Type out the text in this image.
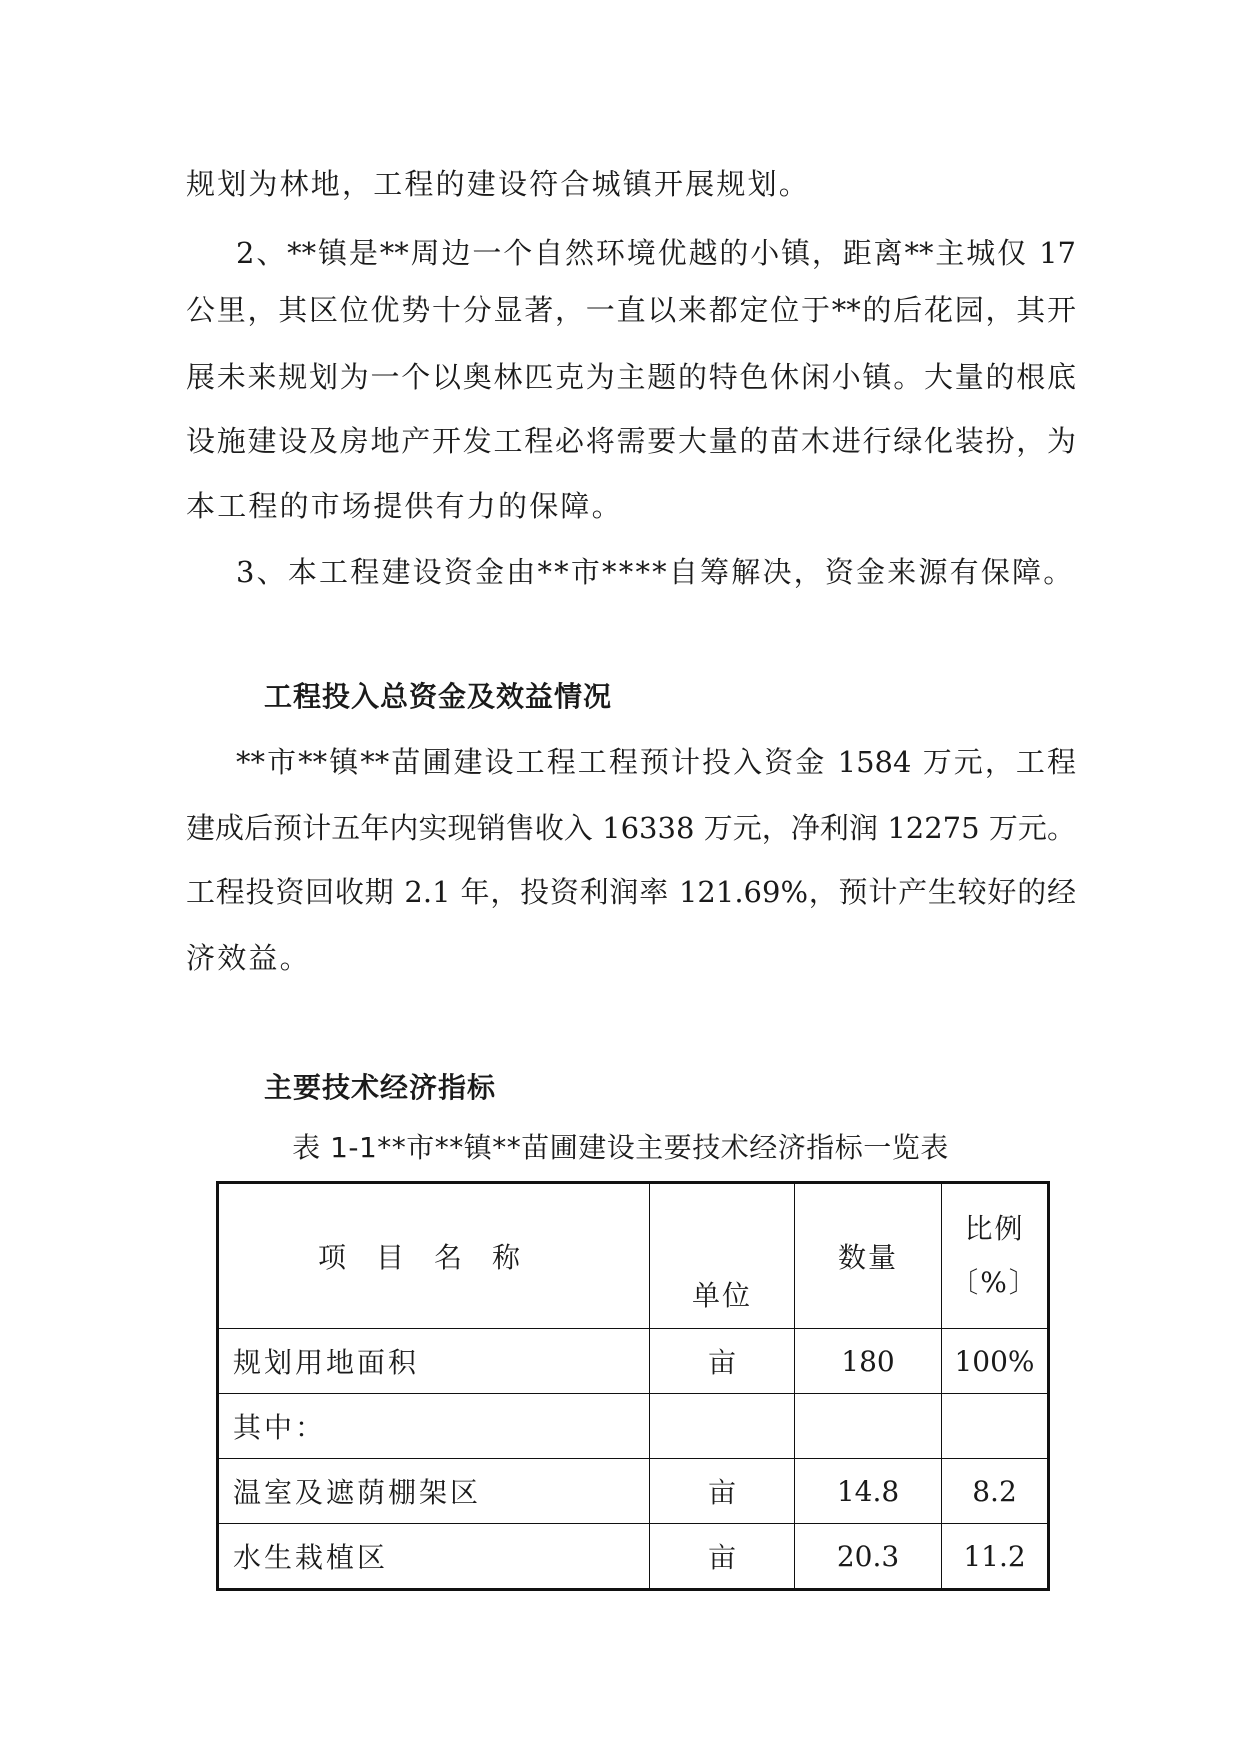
规划为林地，工程的建设符合城镇开展规划。
2、**镇是**周边一个自然环境优越的小镇，距离**主城仅 17
公里，其区位优势十分显著，一直以来都定位于**的后花园，其开
展未来规划为一个以奥林匹克为主题的特色休闲小镇。大量的根底
设施建设及房地产开发工程必将需要大量的苗木进行绿化装扮，为
本工程的市场提供有力的保障。
3、本工程建设资金由**市****自筹解决，资金来源有保障。
工程投入总资金及效益情况
**市**镇**苗圃建设工程工程预计投入资金 1584 万元，工程
建成后预计五年内实现销售收入 16338 万元，净利润 12275 万元。
工程投资回收期 2.1 年，投资利润率 121.69%，预计产生较好的经
济效益。
主要技术经济指标
表 1-1**市**镇**苗圃建设主要技术经济指标一览表
项目名称	单位	数量	比例
〔%〕

规划用地面积	亩	180	100%
其中：			
温室及遮荫棚架区	亩	14.8	8.2
水生栽植区	亩	20.3	11.2
